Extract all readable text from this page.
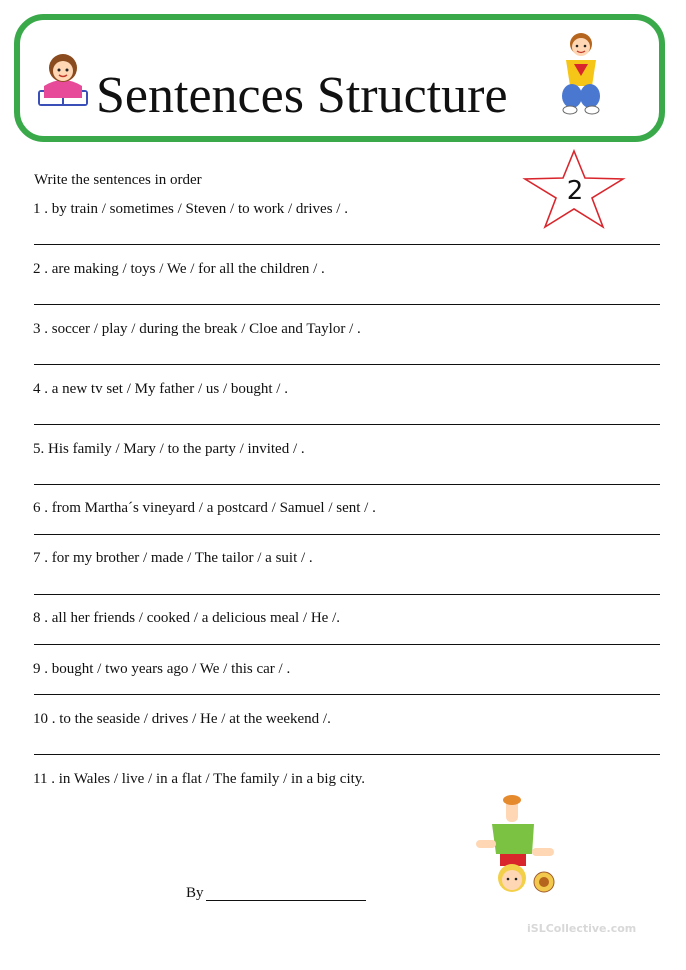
Sentences Structure
Write the sentences in order	2
1 . by train / sometimes / Steven / to work / drives / .
2 . are making / toys / We / for all the children / .
3 . soccer / play / during the break / Cloe and Taylor / .
4 . a new tv set / My father / us / bought / .
5. His family / Mary / to the party / invited / .
6 . from Martha´s vineyard / a postcard / Samuel / sent / .
7 . for my brother / made / The tailor / a suit / .
8 . all her friends / cooked / a delicious meal / He /.
9 . bought / two years ago / We / this car / .
10 . to the seaside / drives / He / at the weekend /.
11 . in Wales / live / in a flat / The family / in a big city.
By
iSLCollective.com
